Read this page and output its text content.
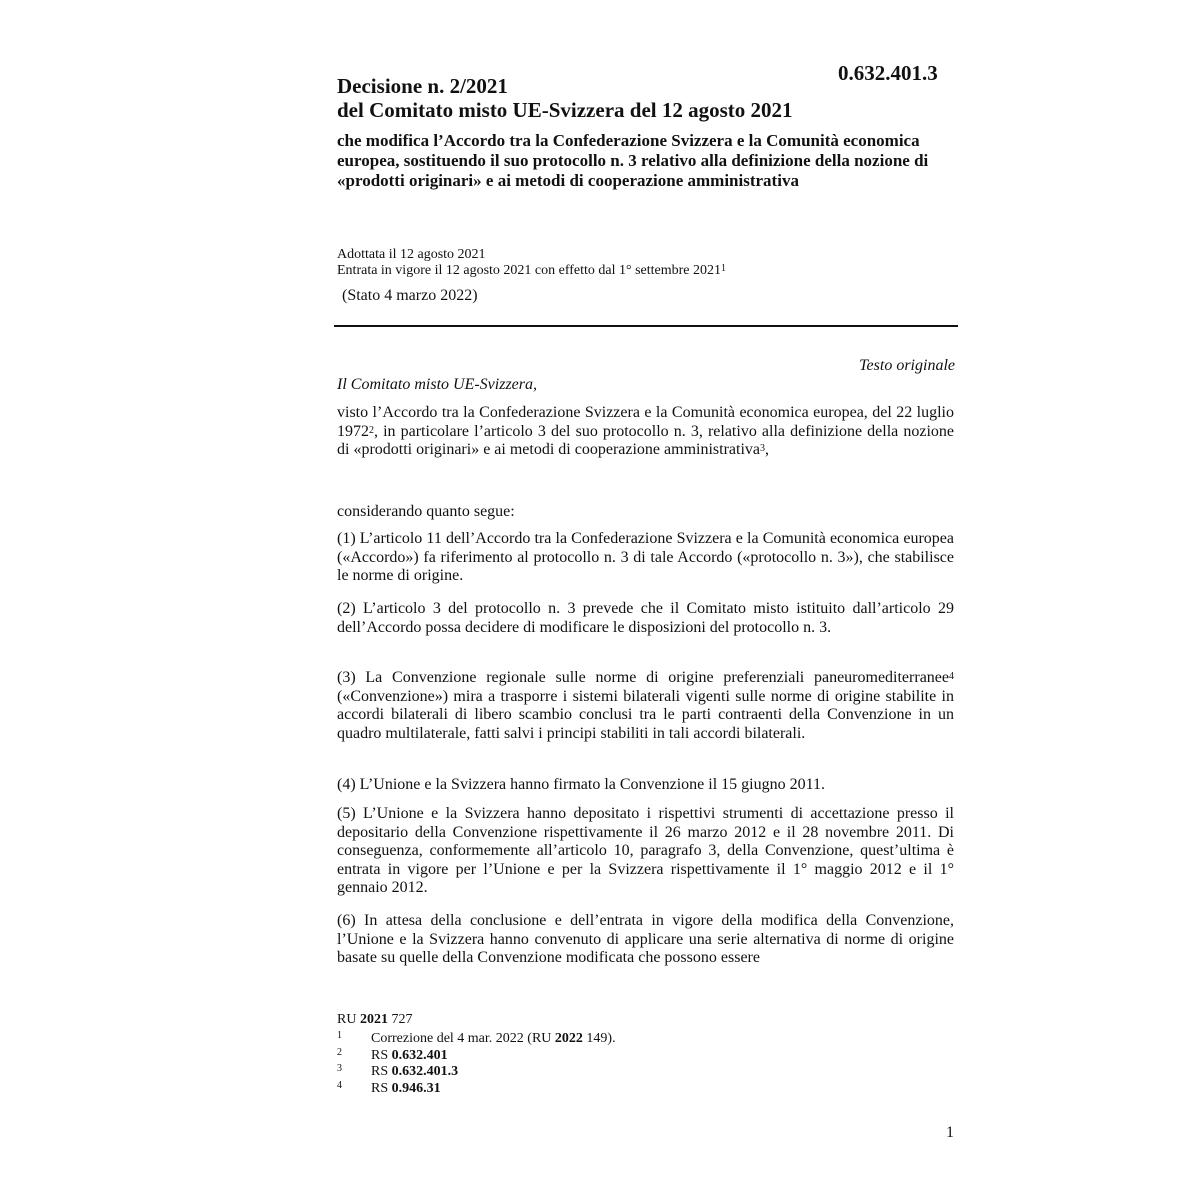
0.632.401.3
Decisione n. 2/2021
del Comitato misto UE-Svizzera del 12 agosto 2021
che modifica l’Accordo tra la Confederazione Svizzera e la Comunità economica europea, sostituendo il suo protocollo n. 3 relativo alla definizione della nozione di «prodotti originari» e ai metodi di cooperazione amministrativa
Adottata il 12 agosto 2021
Entrata in vigore il 12 agosto 2021 con effetto dal 1° settembre 2021$^1$
(Stato 4 marzo 2022)
Testo originale
Il Comitato misto UE-Svizzera,
visto l’Accordo tra la Confederazione Svizzera e la Comunità economica europea, del 22 luglio 1972$^2$, in particolare l’articolo 3 del suo protocollo n. 3, relativo alla definizione della nozione di «prodotti originari» e ai metodi di cooperazione amministrativa$^3$,
considerando quanto segue:
(1) L’articolo 11 dell’Accordo tra la Confederazione Svizzera e la Comunità economica europea («Accordo») fa riferimento al protocollo n. 3 di tale Accordo («protocollo n. 3»), che stabilisce le norme di origine.
(2) L’articolo 3 del protocollo n. 3 prevede che il Comitato misto istituito dall’articolo 29 dell’Accordo possa decidere di modificare le disposizioni del protocollo n. 3.
(3) La Convenzione regionale sulle norme di origine preferenziali paneuromediterranee$^4$ («Convenzione») mira a trasporre i sistemi bilaterali vigenti sulle norme di origine stabilite in accordi bilaterali di libero scambio conclusi tra le parti contraenti della Convenzione in un quadro multilaterale, fatti salvi i principi stabiliti in tali accordi bilaterali.
(4) L’Unione e la Svizzera hanno firmato la Convenzione il 15 giugno 2011.
(5) L’Unione e la Svizzera hanno depositato i rispettivi strumenti di accettazione presso il depositario della Convenzione rispettivamente il 26 marzo 2012 e il 28 novembre 2011. Di conseguenza, conformemente all’articolo 10, paragrafo 3, della Convenzione, quest’ultima è entrata in vigore per l’Unione e per la Svizzera rispettivamente il 1° maggio 2012 e il 1° gennaio 2012.
(6) In attesa della conclusione e dell’entrata in vigore della modifica della Convenzione, l’Unione e la Svizzera hanno convenuto di applicare una serie alternativa di norme di origine basate su quelle della Convenzione modificata che possono essere
RU 2021 727
1 Correzione del 4 mar. 2022 (RU 2022 149).
2 RS 0.632.401
3 RS 0.632.401.3
4 RS 0.946.31
1
